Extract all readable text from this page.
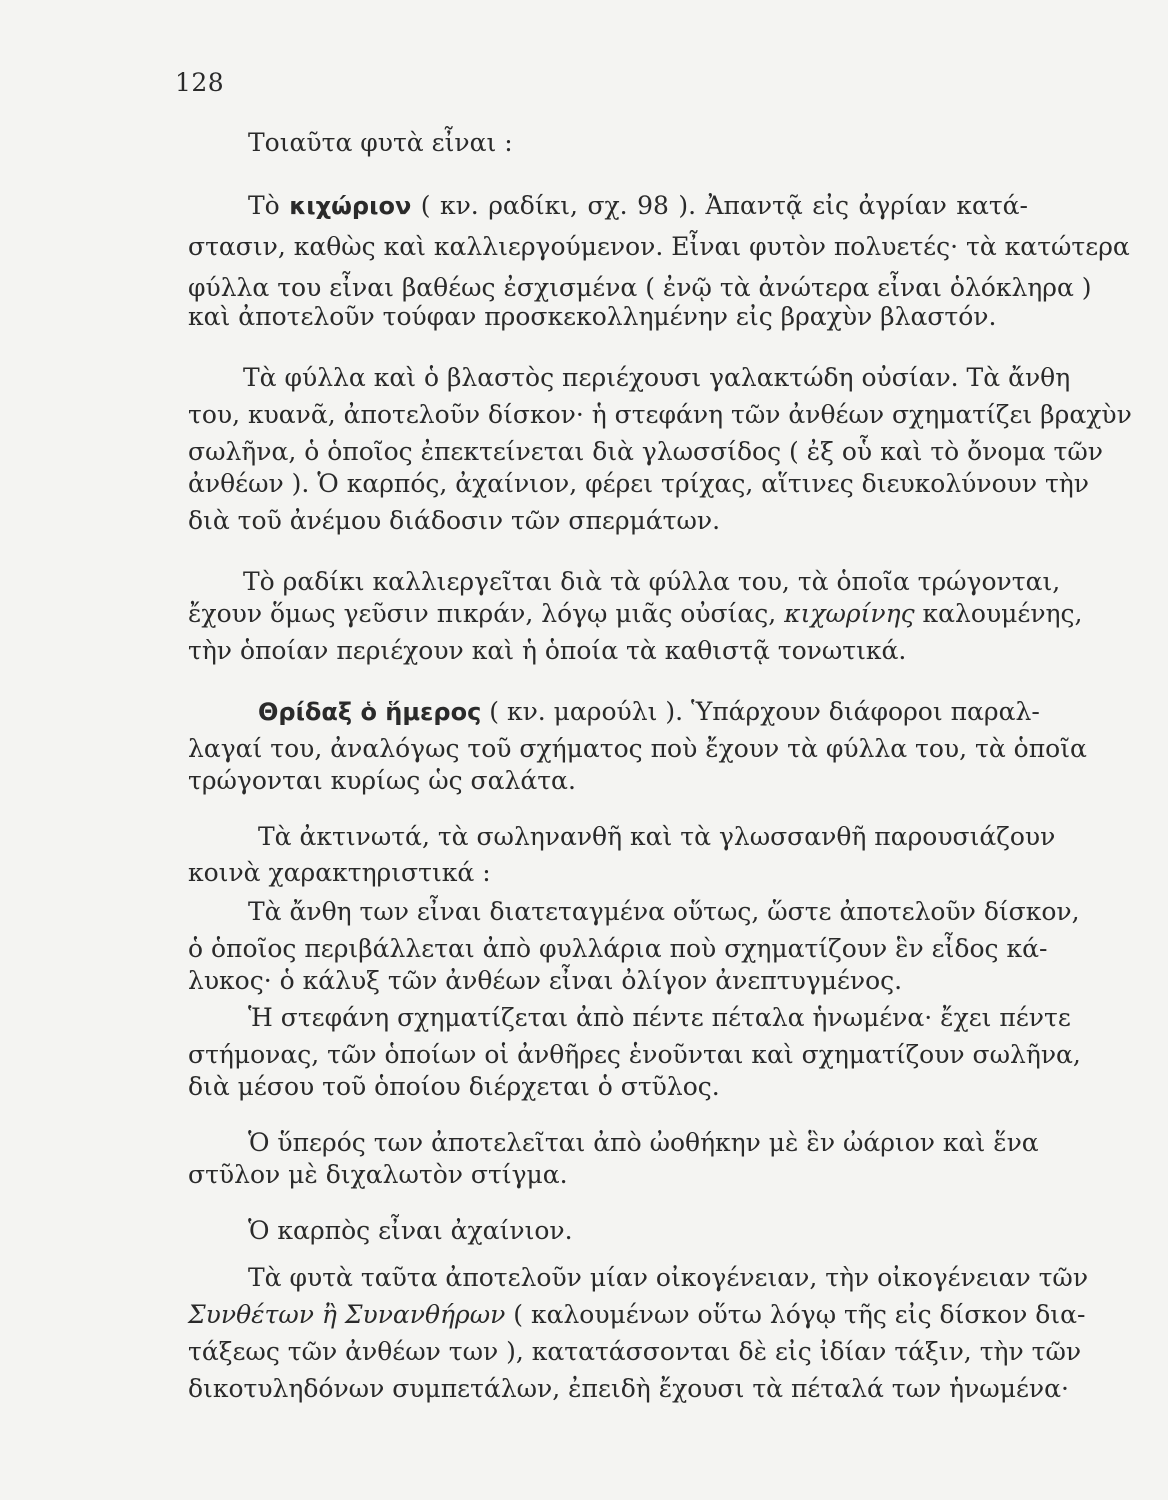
128
Τοιαῦτα φυτὰ εἶναι :
Τὸ κιχώριον ( κν. ραδίκι, σχ. 98 ). Ἀπαντᾷ εἰς ἀγρίαν κατά-
στασιν, καθὼς καὶ καλλιεργούμενον. Εἶναι φυτὸν πολυετές· τὰ κατώτερα
φύλλα του εἶναι βαθέως ἐσχισμένα ( ἐνῷ τὰ ἀνώτερα εἶναι ὁλόκληρα )
καὶ ἀποτελοῦν τούφαν προσκεκολλημένην εἰς βραχὺν βλαστόν.
Τὰ φύλλα καὶ ὁ βλαστὸς περιέχουσι γαλακτώδη οὐσίαν. Τὰ ἄνθη
του, κυανᾶ, ἀποτελοῦν δίσκον· ἡ στεφάνη τῶν ἀνθέων σχηματίζει βραχὺν
σωλῆνα, ὁ ὁποῖος ἐπεκτείνεται διὰ γλωσσίδος ( ἐξ οὗ καὶ τὸ ὄνομα τῶν
ἀνθέων ). Ὁ καρπός, ἀχαίνιον, φέρει τρίχας, αἵτινες διευκολύνουν τὴν
διὰ τοῦ ἀνέμου διάδοσιν τῶν σπερμάτων.
Τὸ ραδίκι καλλιεργεῖται διὰ τὰ φύλλα του, τὰ ὁποῖα τρώγονται,
ἔχουν ὅμως γεῦσιν πικράν, λόγῳ μιᾶς οὐσίας, κιχωρίνης καλουμένης,
τὴν ὁποίαν περιέχουν καὶ ἡ ὁποία τὰ καθιστᾷ τονωτικά.
Θρίδαξ ὁ ἥμερος ( κν. μαρούλι ). Ὑπάρχουν διάφοροι παραλ-
λαγαί του, ἀναλόγως τοῦ σχήματος ποὺ ἔχουν τὰ φύλλα του, τὰ ὁποῖα
τρώγονται κυρίως ὡς σαλάτα.
Τὰ ἀκτινωτά, τὰ σωληνανθῆ καὶ τὰ γλωσσανθῆ παρουσιάζουν
κοινὰ χαρακτηριστικά :
Τὰ ἄνθη των εἶναι διατεταγμένα οὕτως, ὥστε ἀποτελοῦν δίσκον,
ὁ ὁποῖος περιβάλλεται ἀπὸ φυλλάρια ποὺ σχηματίζουν ἓν εἶδος κά-
λυκος· ὁ κάλυξ τῶν ἀνθέων εἶναι ὀλίγον ἀνεπτυγμένος.
Ἡ στεφάνη σχηματίζεται ἀπὸ πέντε πέταλα ἡνωμένα· ἔχει πέντε
στήμονας, τῶν ὁποίων οἱ ἀνθῆρες ἑνοῦνται καὶ σχηματίζουν σωλῆνα,
διὰ μέσου τοῦ ὁποίου διέρχεται ὁ στῦλος.
Ὁ ὕπερός των ἀποτελεῖται ἀπὸ ὠοθήκην μὲ ἓν ὠάριον καὶ ἕνα
στῦλον μὲ διχαλωτὸν στίγμα.
Ὁ καρπὸς εἶναι ἀχαίνιον.
Τὰ φυτὰ ταῦτα ἀποτελοῦν μίαν οἰκογένειαν, τὴν οἰκογένειαν τῶν
Συνθέτων ἢ Συνανθήρων ( καλουμένων οὕτω λόγῳ τῆς εἰς δίσκον δια-
τάξεως τῶν ἀνθέων των ), κατατάσσονται δὲ εἰς ἰδίαν τάξιν, τὴν τῶν
δικοτυληδόνων συμπετάλων, ἐπειδὴ ἔχουσι τὰ πέταλά των ἡνωμένα·
